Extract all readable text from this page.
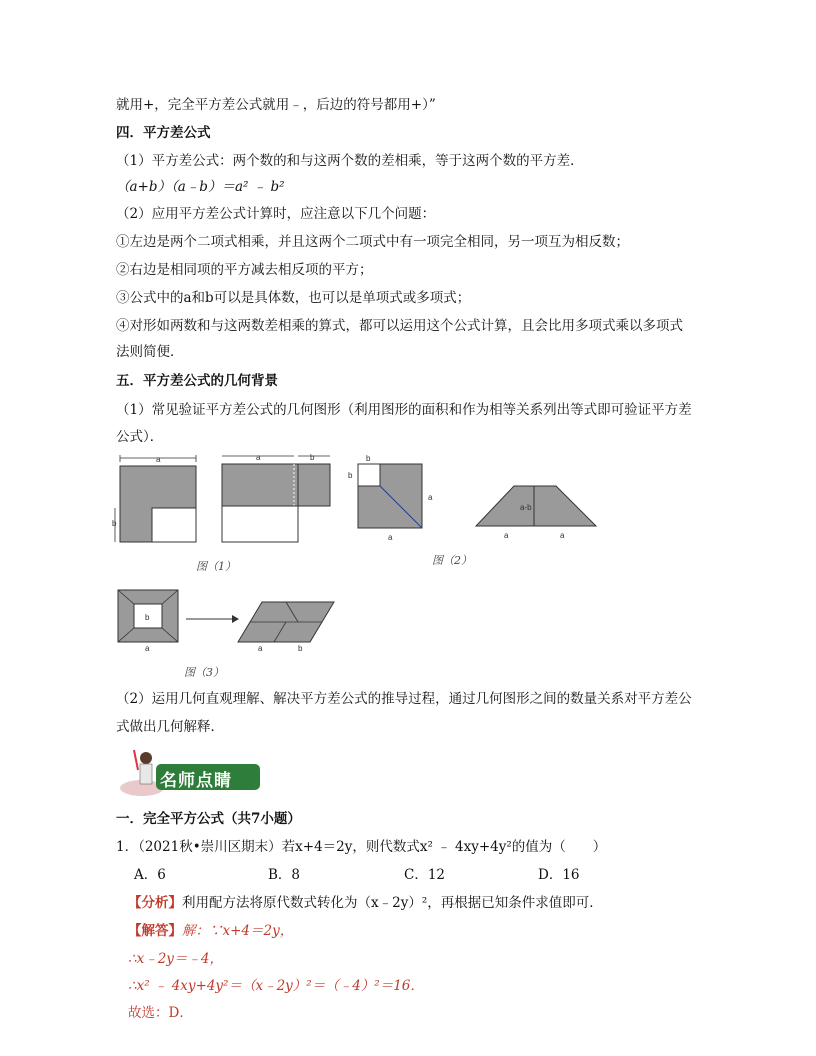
就用+，完全平方差公式就用﹣，后边的符号都用+）”
四．平方差公式
（1）平方差公式：两个数的和与这两个数的差相乘，等于这两个数的平方差．
（a+b）（a﹣b）＝a² ﹣ b²
（2）应用平方差公式计算时，应注意以下几个问题：
①左边是两个二项式相乘，并且这两个二项式中有一项完全相同，另一项互为相反数；
②右边是相同项的平方减去相反项的平方；
③公式中的a和b可以是具体数，也可以是单项式或多项式；
④对形如两数和与这两数差相乘的算式，都可以运用这个公式计算，且会比用多项式乘以多项式
法则简便．
五．平方差公式的几何背景
（1）常见验证平方差公式的几何图形（利用图形的面积和作为相等关系列出等式即可验证平方差
公式）．
a
b
a	b	b
b
a
a
图（2）
a-b
a	a
图（1）
b
a	a	b
图（3）
（2）运用几何直观理解、解决平方差公式的推导过程，通过几何图形之间的数量关系对平方差公
式做出几何解释．
名师点睛
一．完全平方公式（共7小题）
1．（2021秋•崇川区期末）若x+4＝2y，则代数式x² ﹣ 4xy+4y²的值为（　　）
A．6	B．8	C．12	D．16
【分析】利用配方法将原代数式转化为（x﹣2y）²，再根据已知条件求值即可．
【解答】解：∵x+4＝2y，
∴x﹣2y＝﹣4，
∴x² ﹣ 4xy+4y²＝（x﹣2y）²＝（﹣4）²＝16．
故选：D．
